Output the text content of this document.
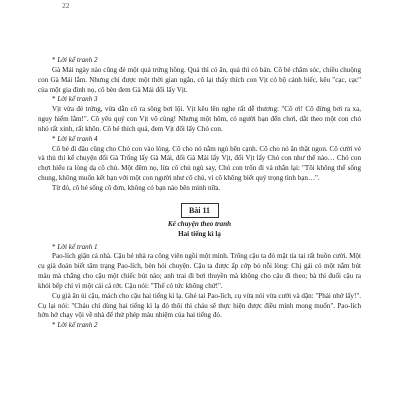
22

* Lời kể tranh 2

Gà Mái ngày nào cũng đẻ một quả trứng hồng. Quả thì có ăn, quả thì có bán. Cô bé chăm sóc, chiều chuộng con Gà Mái lắm. Nhưng chỉ được một thời gian ngắn, cô lại thấy thích con Vịt có bộ cánh biếc, kêu "cạc, cạc" của một gia đình nọ, cô bèn đem Gà Mái đổi lấy Vịt.

* Lời kể tranh 3

Vịt vừa đẻ trứng, vừa dẫn cô ra sông bơi lội. Vịt kêu lên nghe rất dễ thương: "Cô ơi! Cô đừng bơi ra xa, nguy hiểm lắm!". Cô yêu quý con Vịt vô cùng! Nhưng một hôm, có người bạn đến chơi, dắt theo một con chó nhỏ rất xinh, rất khôn. Cô bé thích quá, đem Vịt đổi lấy Chó con.

* Lời kể tranh 4

Cô bé đi đâu cũng cho Chó con vào lòng. Cô cho nó nằm ngủ bên cạnh. Cô cho nó ăn thật ngon. Cô cười vẻ và thủ thỉ kể chuyện đổi Gà Trống lấy Gà Mái, đổi Gà Mái lấy Vịt, đổi Vịt lấy Chó con như thế nào… Chó con chợt hiểu ra lòng dạ cô chủ. Một đêm nọ, lừa cô chủ ngủ say, Chó con trốn đi và nhắn lại: "Tôi không thể sống chung, không muốn kết bạn với một con người như cô chủ, vì cô không biết quý trọng tình bạn…".

Từ đó, cô bé sống cô đơn, không có bạn nào bên mình nữa.

Bài 11

Kể chuyện theo tranh

Hai tiếng kì lạ

* Lời kể tranh 1

Pao-lích giận cả nhà. Cậu bé nhà ra công viên ngồi một mình. Trông cậu ta đỏ mặt tía tai rất buồn cười. Một cụ già đoán biết tâm trạng Pao-lích, bèn hỏi chuyện. Cậu ta được ấp cớp bỏ nỗi lòng: Chị gái có một nắm bút màu mà chẳng cho cậu một chiếc bút nào; anh trai đi bơi thuyền mà không cho cậu đi theo; bà thì đuổi cậu ra khỏi bếp chỉ vì một cái cá rớt. Cậu nói: "Thế có tức không chứ!".

Cụ già ân ủi cậu, mách cho cậu hai tiếng kì lạ. Ghé tai Pao-lích, cụ vừa nói vừa cười và dặn: "Phải nhớ lấy!". Cụ lại nói: "Cháu chỉ dùng hai tiếng kì lạ đó thôi thì cháu sẽ thực hiện được điều mình mong muốn". Pao-lích hớn hở chạy vội về nhà để thử phép màu nhiệm của hai tiếng đó.

* Lời kể tranh 2
